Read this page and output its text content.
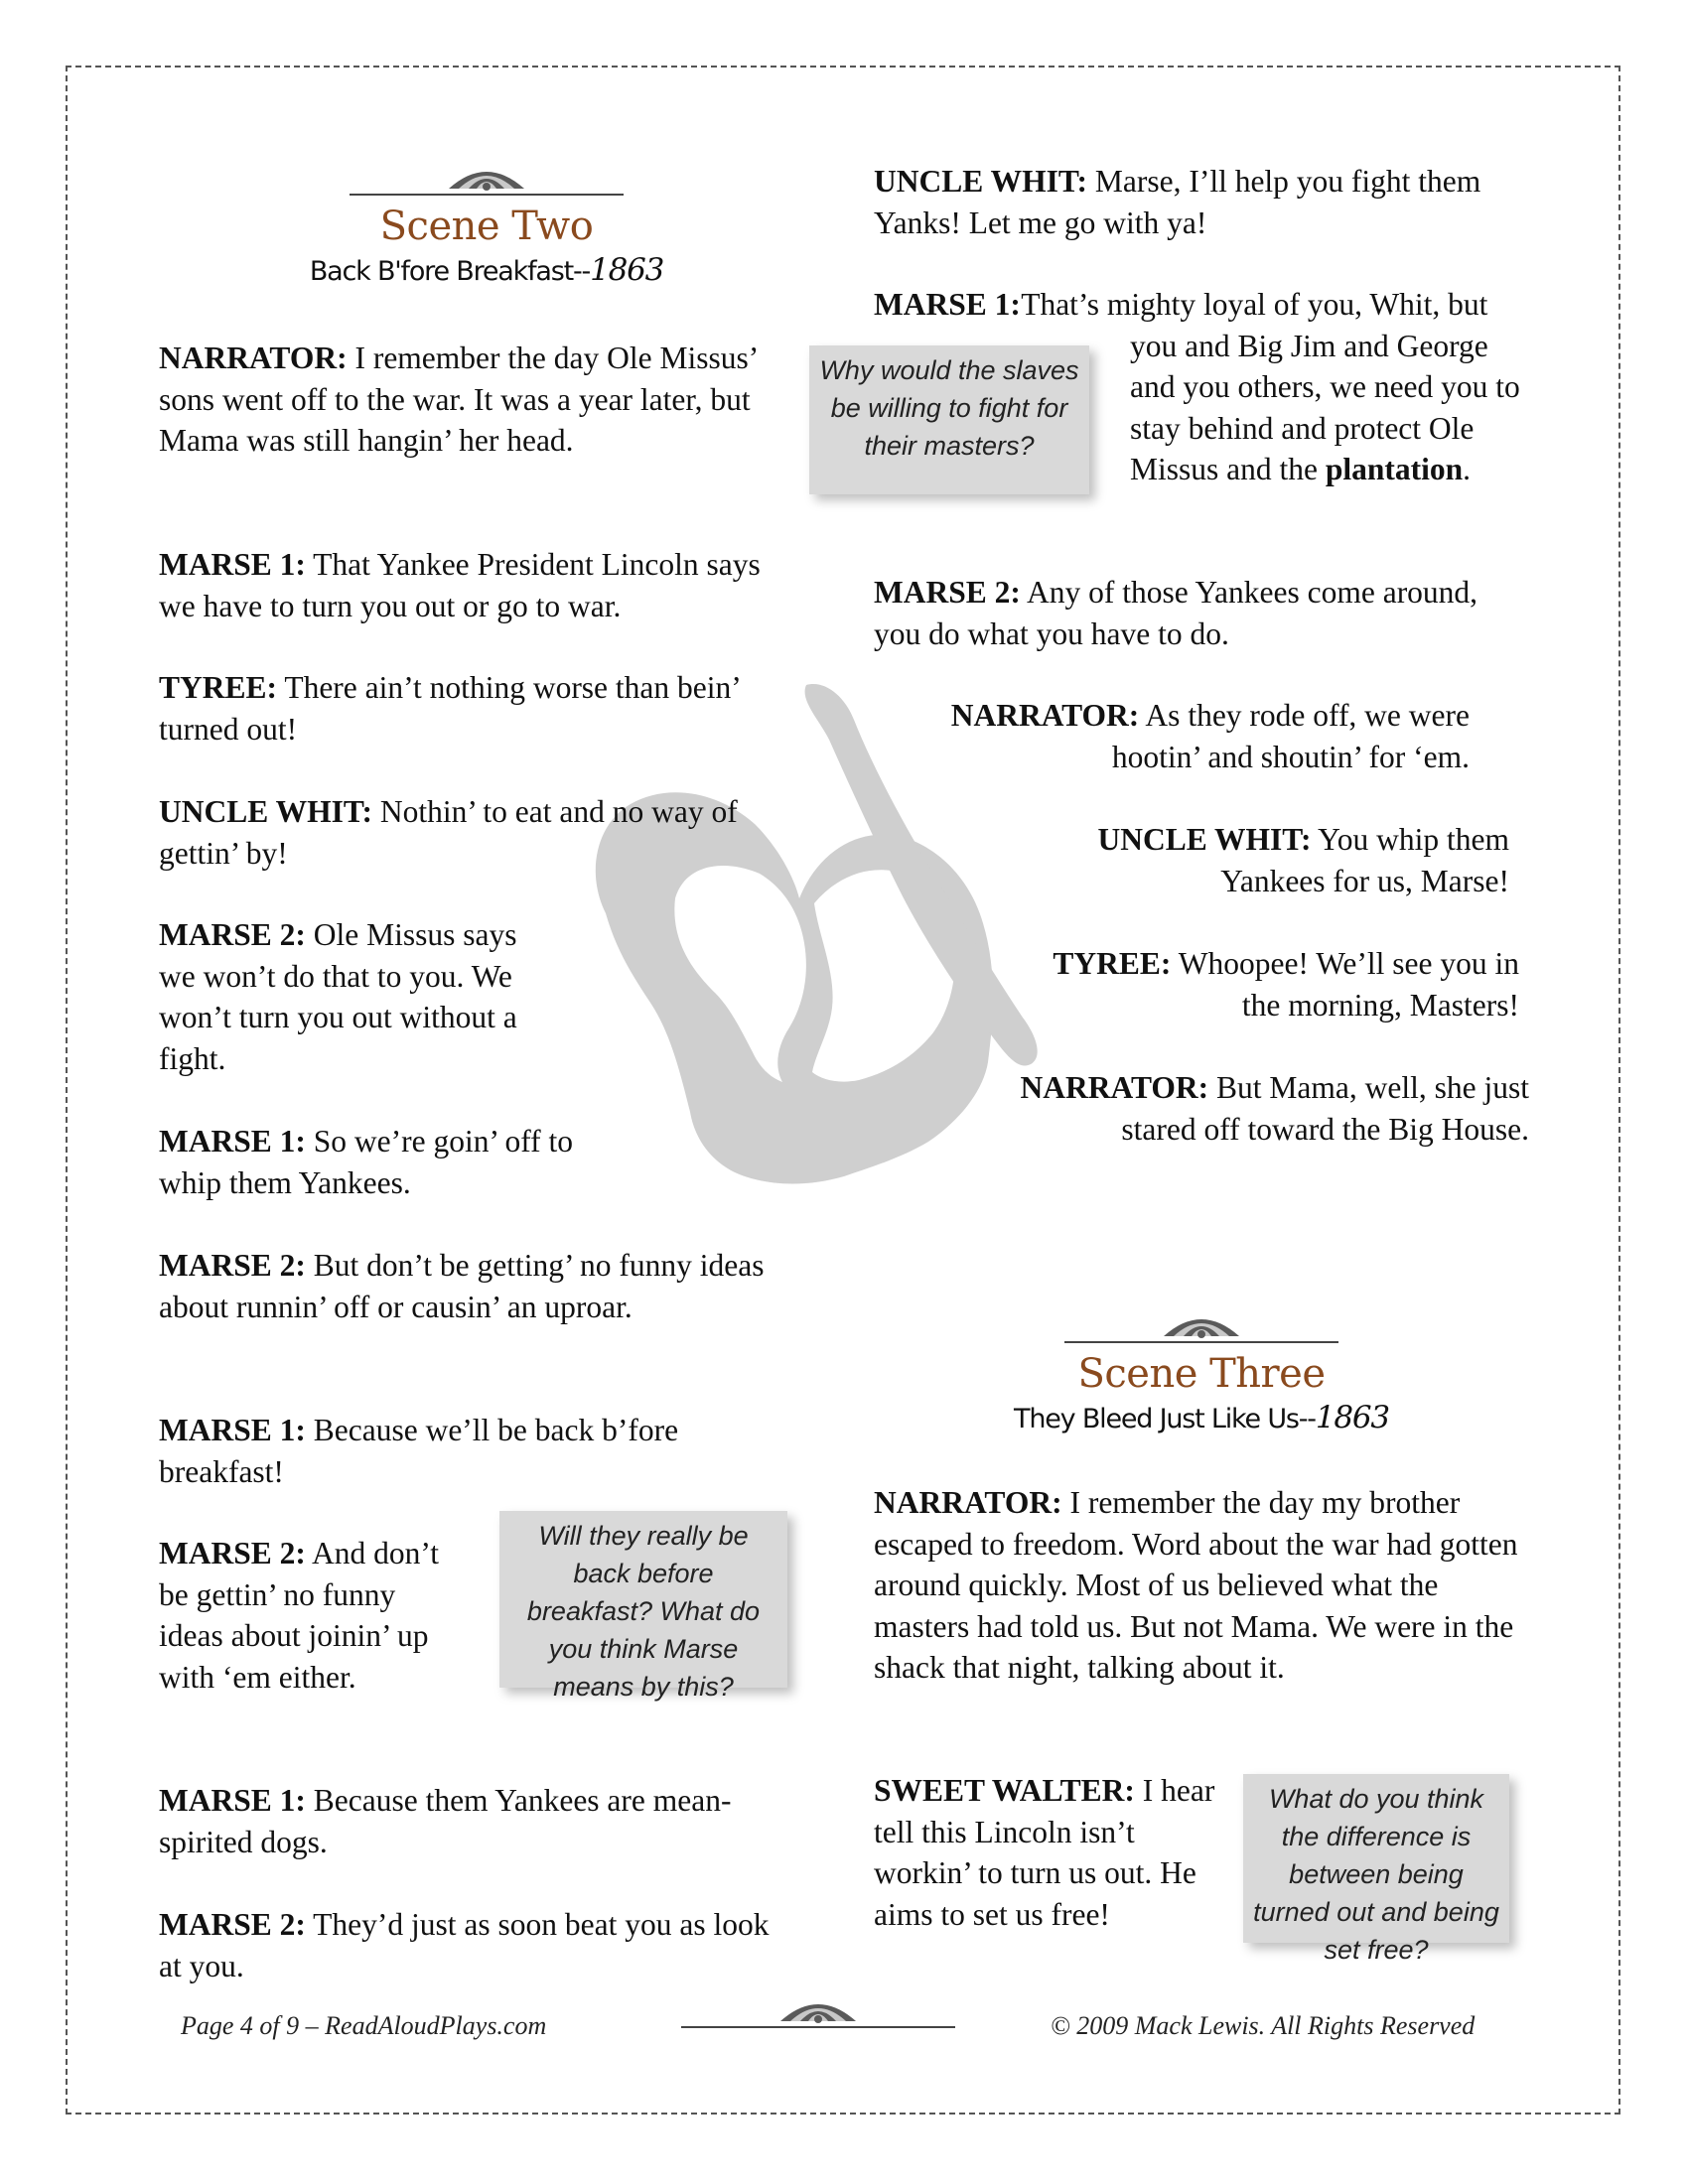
Scene Two
Back B'fore Breakfast--1863
NARRATOR: I remember the day Ole Missus’ sons went off to the war. It was a year later, but Mama was still hangin’ her head.
MARSE 1: That Yankee President Lincoln says we have to turn you out or go to war.
TYREE: There ain’t nothing worse than bein’ turned out!
UNCLE WHIT: Nothin’ to eat and no way of gettin’ by!
MARSE 2: Ole Missus says we won’t do that to you. We won’t turn you out without a fight.
MARSE 1: So we’re goin’ off to whip them Yankees.
MARSE 2: But don’t be getting’ no funny ideas about runnin’ off or causin’ an uproar.
MARSE 1: Because we’ll be back b’fore breakfast!
MARSE 2: And don’t be gettin’ no funny ideas about joinin’ up with ‘em either.
MARSE 1: Because them Yankees are mean-spirited dogs.
MARSE 2: They’d just as soon beat you as look at you.
Why would the slaves be willing to fight for their masters?
Will they really be back before breakfast? What do you think Marse means by this?
What do you think the difference is between being turned out and being set free?
UNCLE WHIT: Marse, I’ll help you fight them Yanks! Let me go with ya!
MARSE 1:
That’s mighty loyal of you, Whit, but you and Big Jim and George and you others, we need you to stay behind and protect Ole Missus and the plantation.
MARSE 2: Any of those Yankees come around, you do what you have to do.
NARRATOR: As they rode off, we were hootin’ and shoutin’ for ‘em.
UNCLE WHIT: You whip them Yankees for us, Marse!
TYREE: Whoopee! We’ll see you in the morning, Masters!
NARRATOR: But Mama, well, she just stared off toward the Big House.
Scene Three
They Bleed Just Like Us--1863
NARRATOR: I remember the day my brother escaped to freedom. Word about the war had gotten around quickly. Most of us believed what the masters had told us. But not Mama. We were in the shack that night, talking about it.
SWEET WALTER: I hear tell this Lincoln isn’t workin’ to turn us out. He aims to set us free!
Page 4 of 9 – ReadAloudPlays.com	© 2009 Mack Lewis. All Rights Reserved
